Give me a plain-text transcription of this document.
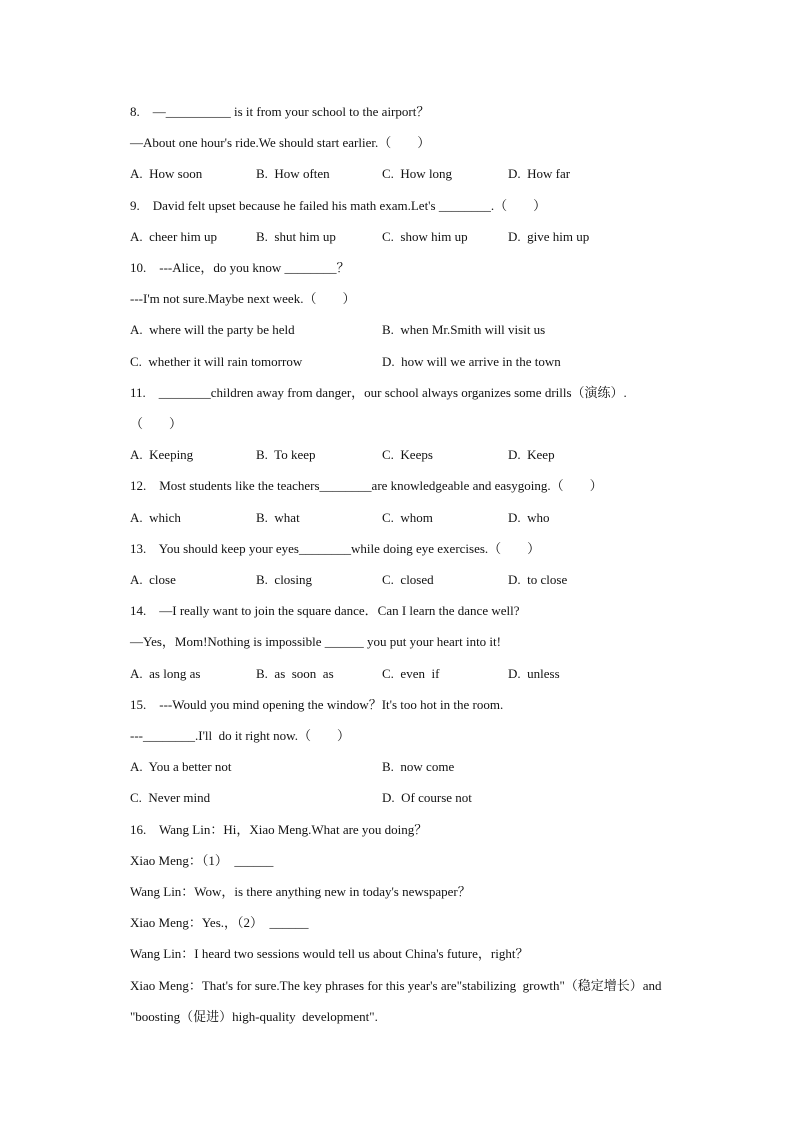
8.    —__________ is it from your school to the airport？
—About one hour's ride.We should start earlier.（        ）
A.  How soon	B.  How often	C.  How long	D.  How far
9.    David felt upset because he failed his math exam.Let's ________.（        ）
A.  cheer him up	B.  shut him up	C.  show him up	D.  give him up
10.    ---Alice，do you know ________？
---I'm not sure.Maybe next week.（        ）
A.  where will the party be held	B.  when Mr.Smith will visit us
C.  whether it will rain tomorrow	D.  how will we arrive in the town
11.    ________children away from danger，our school always organizes some drills（演练）.
（        ）
A.  Keeping	B.  To keep	C.  Keeps	D.  Keep
12.    Most students like the teachers________are knowledgeable and easygoing.（        ）
A.  which	B.  what	C.  whom	D.  who
13.    You should keep your eyes________while doing eye exercises.（        ）
A.  close	B.  closing	C.  closed	D.  to close
14.    —I really want to join the square dance．Can I learn the dance well?
—Yes，Mom!Nothing is impossible ______ you put your heart into it!
A.  as long as	B.  as  soon  as	C.  even  if	D.  unless
15.    ---Would you mind opening the window？It's too hot in the room.
---________.I'll  do it right now.（        ）
A.  You a better not	B.  now come
C.  Never mind	D.  Of course not
16.    Wang Lin：Hi，Xiao Meng.What are you doing？
Xiao Meng：（1）  ______
Wang Lin：Wow，is there anything new in today's newspaper？
Xiao Meng：Yes.，（2）  ______
Wang Lin：I heard two sessions would tell us about China's future，right？
Xiao Meng：That's for sure.The key phrases for this year's are"stabilizing  growth"（稳定增长）and
"boosting（促进）high-quality  development".
